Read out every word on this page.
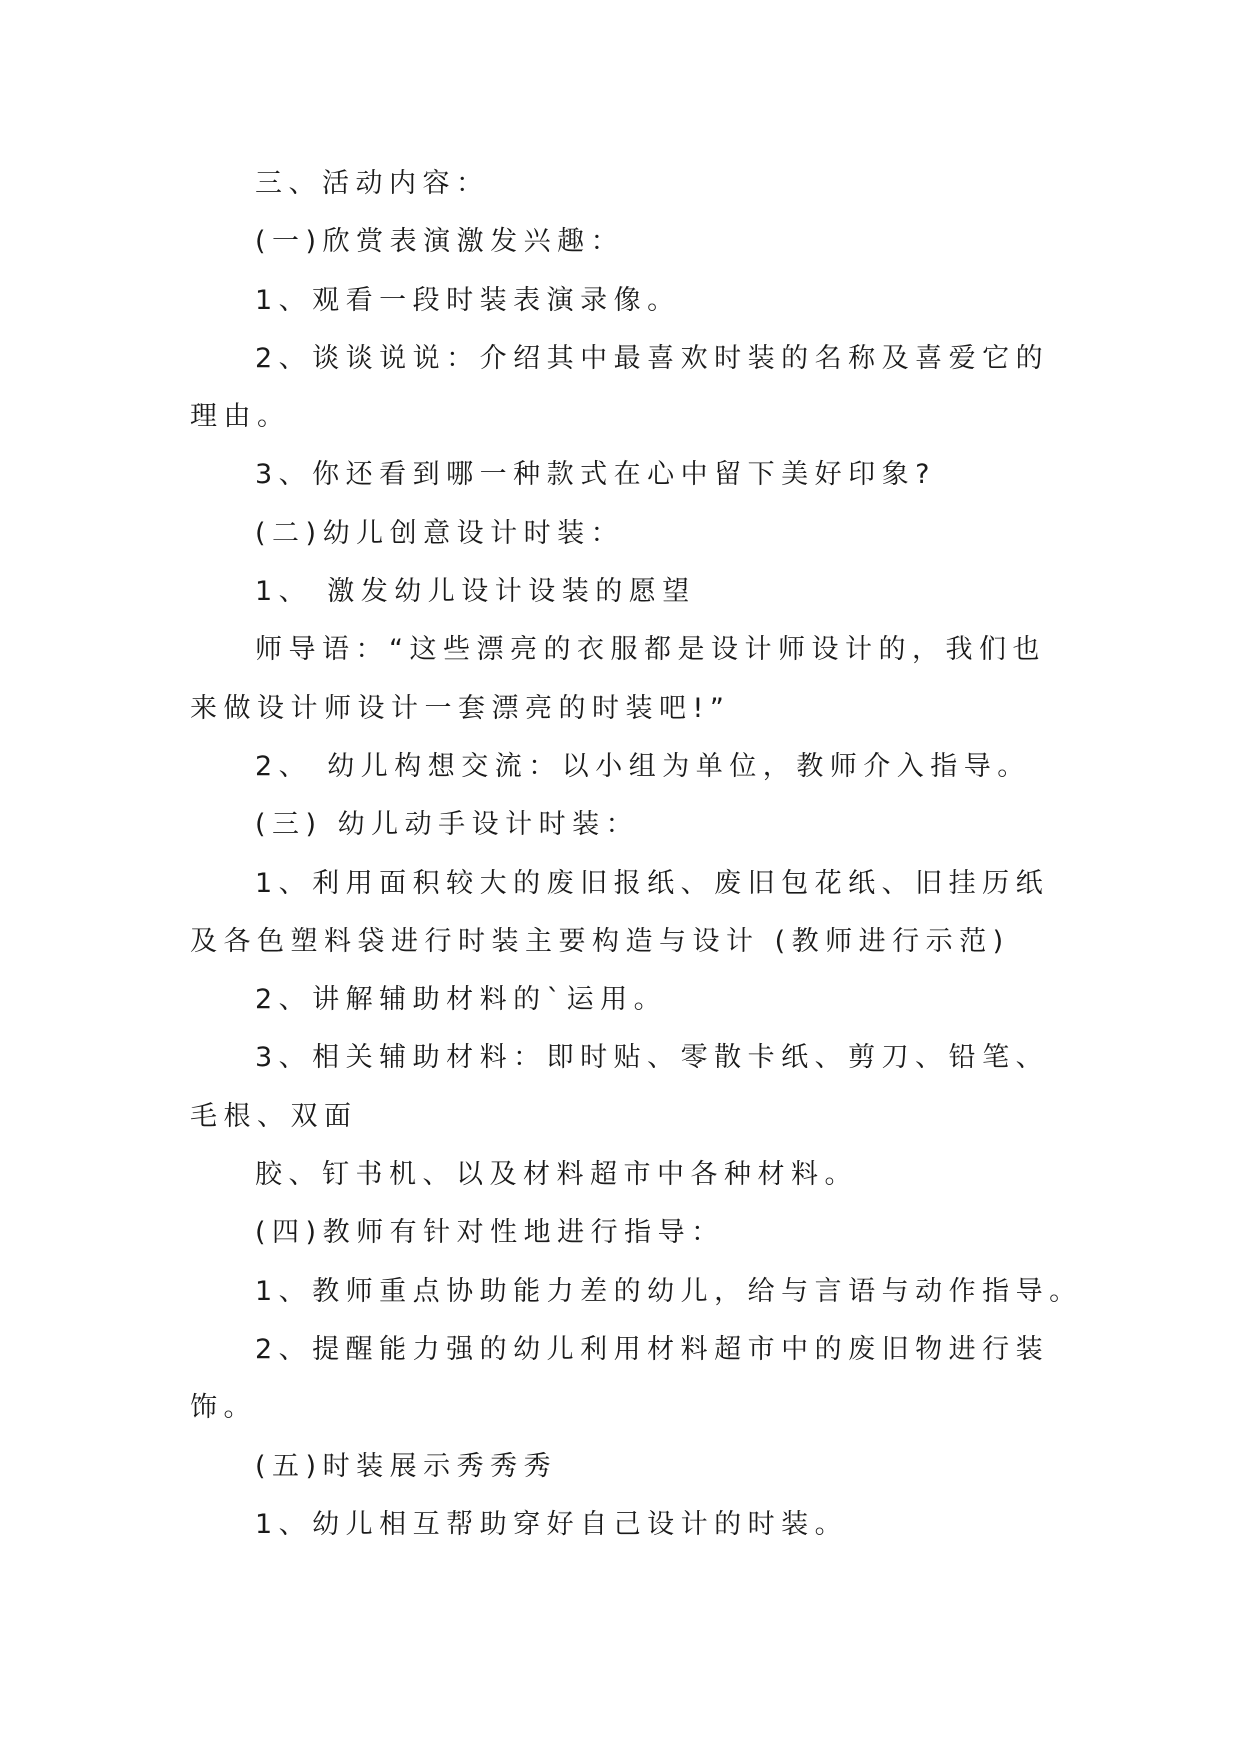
三、活动内容：

(一)欣赏表演激发兴趣：

1、观看一段时装表演录像。

2、谈谈说说：介绍其中最喜欢时装的名称及喜爱它的

理由。

3、你还看到哪一种款式在心中留下美好印象?

(二)幼儿创意设计时装：

1、 激发幼儿设计设装的愿望

师导语：“这些漂亮的衣服都是设计师设计的，我们也

来做设计师设计一套漂亮的时装吧!”

2、 幼儿构想交流：以小组为单位，教师介入指导。

(三) 幼儿动手设计时装：

1、利用面积较大的废旧报纸、废旧包花纸、旧挂历纸

及各色塑料袋进行时装主要构造与设计 (教师进行示范)

2、讲解辅助材料的`运用。

3、相关辅助材料：即时贴、零散卡纸、剪刀、铅笔、

毛根、双面

胶、钉书机、以及材料超市中各种材料。

(四)教师有针对性地进行指导：

1、教师重点协助能力差的幼儿，给与言语与动作指导。

2、提醒能力强的幼儿利用材料超市中的废旧物进行装

饰。

(五)时装展示秀秀秀

1、幼儿相互帮助穿好自己设计的时装。
